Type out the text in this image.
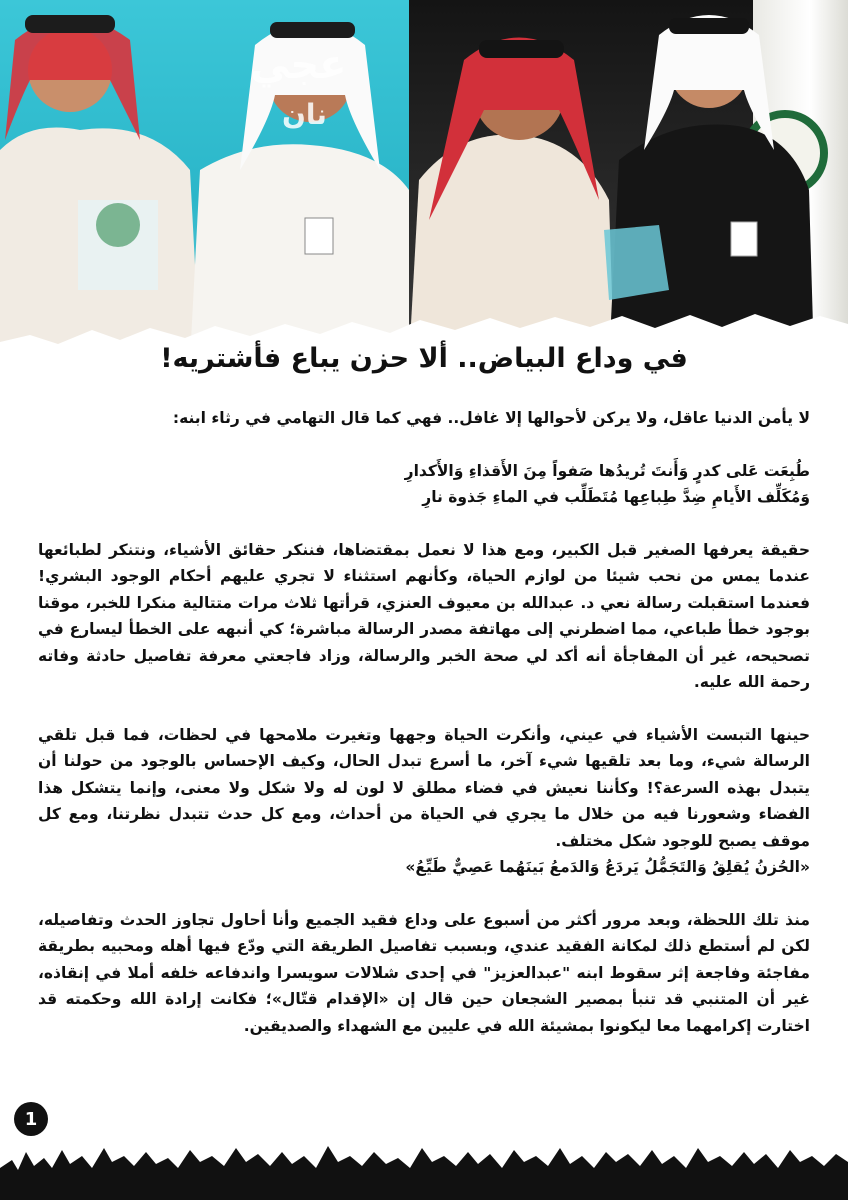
عجي
نان
في وداع البياض.. ألا حزن يباع فأشتريه!

لا يأمن الدنيا عاقل، ولا يركن لأحوالها إلا غافل.. فهي كما قال التهامي في رثاء ابنه:

طُبِعَت عَلى كدرٍ وَأَنتَ تُريدُها صَفواً مِنَ الأَقذاءِ وَالأَكدارِ

وَمُكَلِّف الأَيامِ ضِدَّ طِباعِها مُتَطَلِّب في الماءِ جَذوة نارِ

حقيقة يعرفها الصغير قبل الكبير، ومع هذا لا نعمل بمقتضاها، فننكر حقائق الأشياء، ونتنكر لطبائعها عندما يمس من نحب شيئا من لوازم الحياة، وكأنهم استثناء لا تجري عليهم أحكام الوجود البشري! فعندما استقبلت رسالة نعي د. عبدالله بن معيوف العنزي، قرأتها ثلاث مرات متتالية منكرا للخبر، موقنا بوجود خطأ طباعي، مما اضطرني إلى مهاتفة مصدر الرسالة مباشرة؛ كي أنبهه على الخطأ ليسارع في تصحيحه، غير أن المفاجأة أنه أكد لي صحة الخبر والرسالة، وزاد فاجعتي معرفة تفاصيل حادثة وفاته رحمة الله عليه.

حينها التبست الأشياء في عيني، وأنكرت الحياة وجهها وتغيرت ملامحها في لحظات، فما قبل تلقي الرسالة شيء، وما بعد تلقيها شيء آخر، ما أسرع تبدل الحال، وكيف الإحساس بالوجود من حولنا أن يتبدل بهذه السرعة؟! وكأننا نعيش في فضاء مطلق لا لون له ولا شكل ولا معنى، وإنما يتشكل هذا الفضاء وشعورنا فيه من خلال ما يجري في الحياة من أحداث، ومع كل حدث تتبدل نظرتنا، ومع كل موقف يصبح للوجود شكل مختلف.

«الحُزنُ يُقلِقُ وَالتَجَمُّلُ يَردَعُ وَالدَمعُ بَينَهُما عَصِيٌّ طَيِّعُ»

منذ تلك اللحظة، وبعد مرور أكثر من أسبوع على وداع فقيد الجميع وأنا أحاول تجاوز الحدث وتفاصيله، لكن لم أستطع ذلك لمكانة الفقيد عندي، وبسبب تفاصيل الطريقة التي ودّع فيها أهله ومحبيه بطريقة مفاجئة وفاجعة إثر سقوط ابنه "عبدالعزيز" في إحدى شلالات سويسرا واندفاعه خلفه أملا في إنقاذه، غير أن المتنبي قد تنبأ بمصير الشجعان حين قال إن «الإقدام قتّال»؛ فكانت إرادة الله وحكمته قد اختارت إكرامهما معا ليكونوا بمشيئة الله في عليين مع الشهداء والصديقين.

1
